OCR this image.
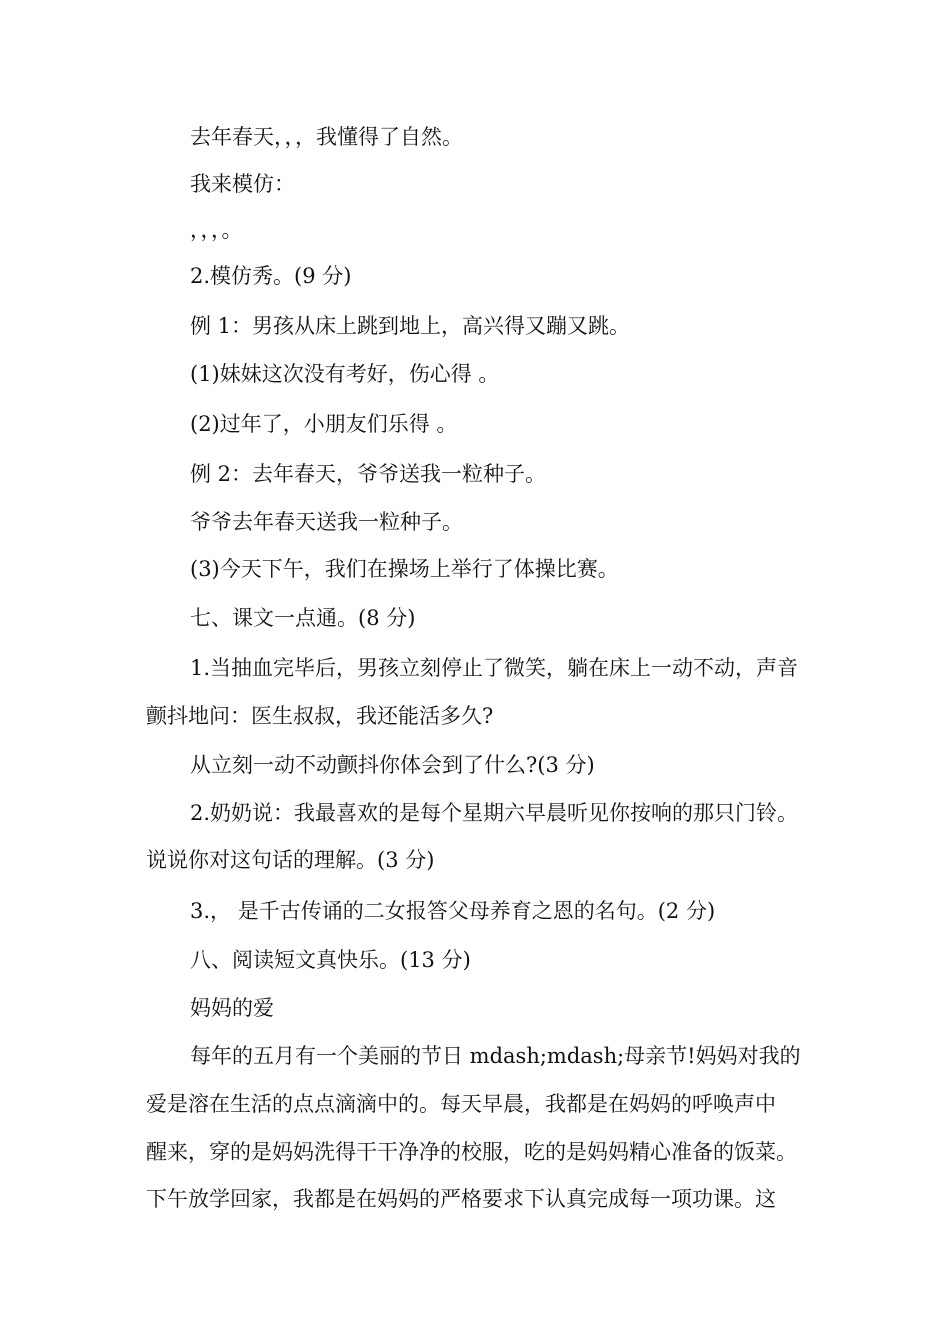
去年春天，，，我懂得了自然。

我来模仿：

，，，。

2.模仿秀。(9 分)

例 1：男孩从床上跳到地上，高兴得又蹦又跳。

(1)妹妹这次没有考好，伤心得 。

(2)过年了，小朋友们乐得 。

例 2：去年春天，爷爷送我一粒种子。

爷爷去年春天送我一粒种子。

(3)今天下午，我们在操场上举行了体操比赛。

七、课文一点通。(8 分)

1.当抽血完毕后，男孩立刻停止了微笑，躺在床上一动不动，声音

颤抖地问：医生叔叔，我还能活多久?

从立刻一动不动颤抖你体会到了什么?(3 分)

2.奶奶说：我最喜欢的是每个星期六早晨听见你按响的那只门铃。

说说你对这句话的理解。(3 分)

3.， 是千古传诵的二女报答父母养育之恩的名句。(2 分)

八、阅读短文真快乐。(13 分)

妈妈的爱

每年的五月有一个美丽的节日 mdash;mdash;母亲节!妈妈对我的

爱是溶在生活的点点滴滴中的。每天早晨，我都是在妈妈的呼唤声中

醒来，穿的是妈妈洗得干干净净的校服，吃的是妈妈精心准备的饭菜。

下午放学回家，我都是在妈妈的严格要求下认真完成每一项功课。这
